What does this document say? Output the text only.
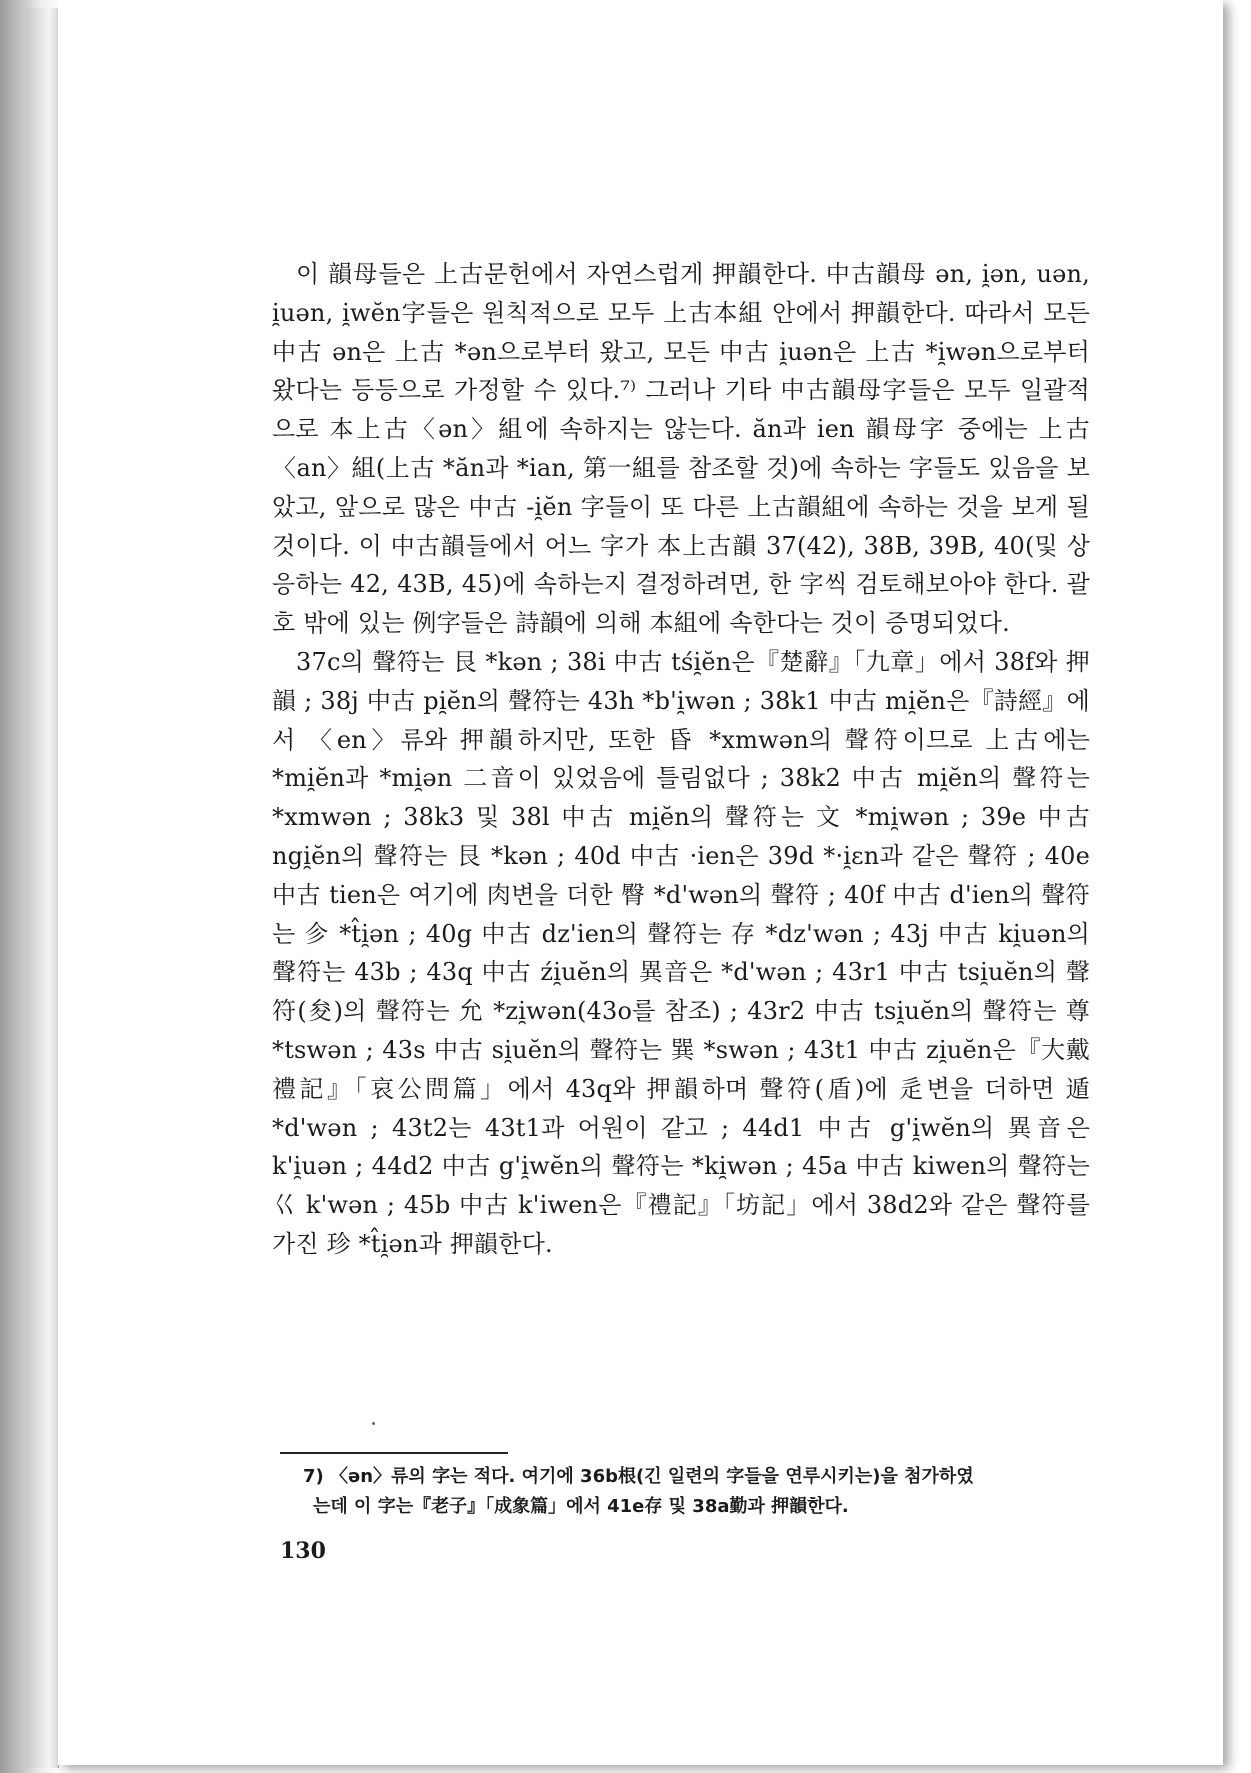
이 韻母들은 上古문헌에서 자연스럽게 押韻한다. 中古韻母 ən, i̯ən, uən, i̯uən, i̯wĕn字들은 원칙적으로 모두 上古本組 안에서 押韻한다. 따라서 모든 中古 ən은 上古 *ən으로부터 왔고, 모든 中古 i̯uən은 上古 *i̯wən으로부터 왔다는 등등으로 가정할 수 있다.⁷⁾ 그러나 기타 中古韻母字들은 모두 일괄적으로 本上古〈ən〉組에 속하지는 않는다. ăn과 ien 韻母字 중에는 上古〈an〉組(上古 *ăn과 *ian, 第一組를 참조할 것)에 속하는 字들도 있음을 보았고, 앞으로 많은 中古 -i̯ĕn 字들이 또 다른 上古韻組에 속하는 것을 보게 될 것이다. 이 中古韻들에서 어느 字가 本上古韻 37(42), 38B, 39B, 40(및 상응하는 42, 43B, 45)에 속하는지 결정하려면, 한 字씩 검토해보아야 한다. 괄호 밖에 있는 例字들은 詩韻에 의해 本組에 속한다는 것이 증명되었다.

37c의 聲符는 艮 *kən ; 38i 中古 tśi̯ĕn은『楚辭』「九章」에서 38f와 押韻 ; 38j 中古 pi̯ĕn의 聲符는 43h *b'i̯wən ; 38k1 中古 mi̯ĕn은『詩經』에서 〈en〉류와 押韻하지만, 또한 昏 *xmwən의 聲符이므로 上古에는 *mi̯ĕn과 *mi̯ən 二音이 있었음에 틀림없다 ; 38k2 中古 mi̯ĕn의 聲符는 *xmwən ; 38k3 및 38l 中古 mi̯ĕn의 聲符는 文 *mi̯wən ; 39e 中古 ngi̯ĕn의 聲符는 艮 *kən ; 40d 中古 ·ien은 39d *·i̯ɛn과 같은 聲符 ; 40e 中古 tien은 여기에 肉변을 더한 臀 *d'wən의 聲符 ; 40f 中古 d'ien의 聲符는 㐱 *t̂i̯ən ; 40g 中古 dz'ien의 聲符는 存 *dz'wən ; 43j 中古 ki̯uən의 聲符는 43b ; 43q 中古 źi̯uĕn의 異音은 *d'wən ; 43r1 中古 tsi̯uĕn의 聲符(夋)의 聲符는 允 *zi̯wən(43o를 참조) ; 43r2 中古 tsi̯uĕn의 聲符는 尊 *tswən ; 43s 中古 si̯uĕn의 聲符는 巽 *swən ; 43t1 中古 zi̯uĕn은『大戴禮記』「哀公問篇」에서 43q와 押韻하며 聲符(盾)에 辵변을 더하면 遁 *d'wən ; 43t2는 43t1과 어원이 같고 ; 44d1 中古 g'i̯wĕn의 異音은 k'i̯uən ; 44d2 中古 g'i̯wĕn의 聲符는 *ki̯wən ; 45a 中古 kiwen의 聲符는 巜 k'wən ; 45b 中古 k'iwen은『禮記』「坊記」에서 38d2와 같은 聲符를 가진 珍 *t̂i̯ən과 押韻한다.

7) 〈ən〉류의 字는 적다. 여기에 36b根(긴 일련의 字들을 연루시키는)을 첨가하였
는데 이 字는『老子』「成象篇」에서 41e存 및 38a勤과 押韻한다.
130
